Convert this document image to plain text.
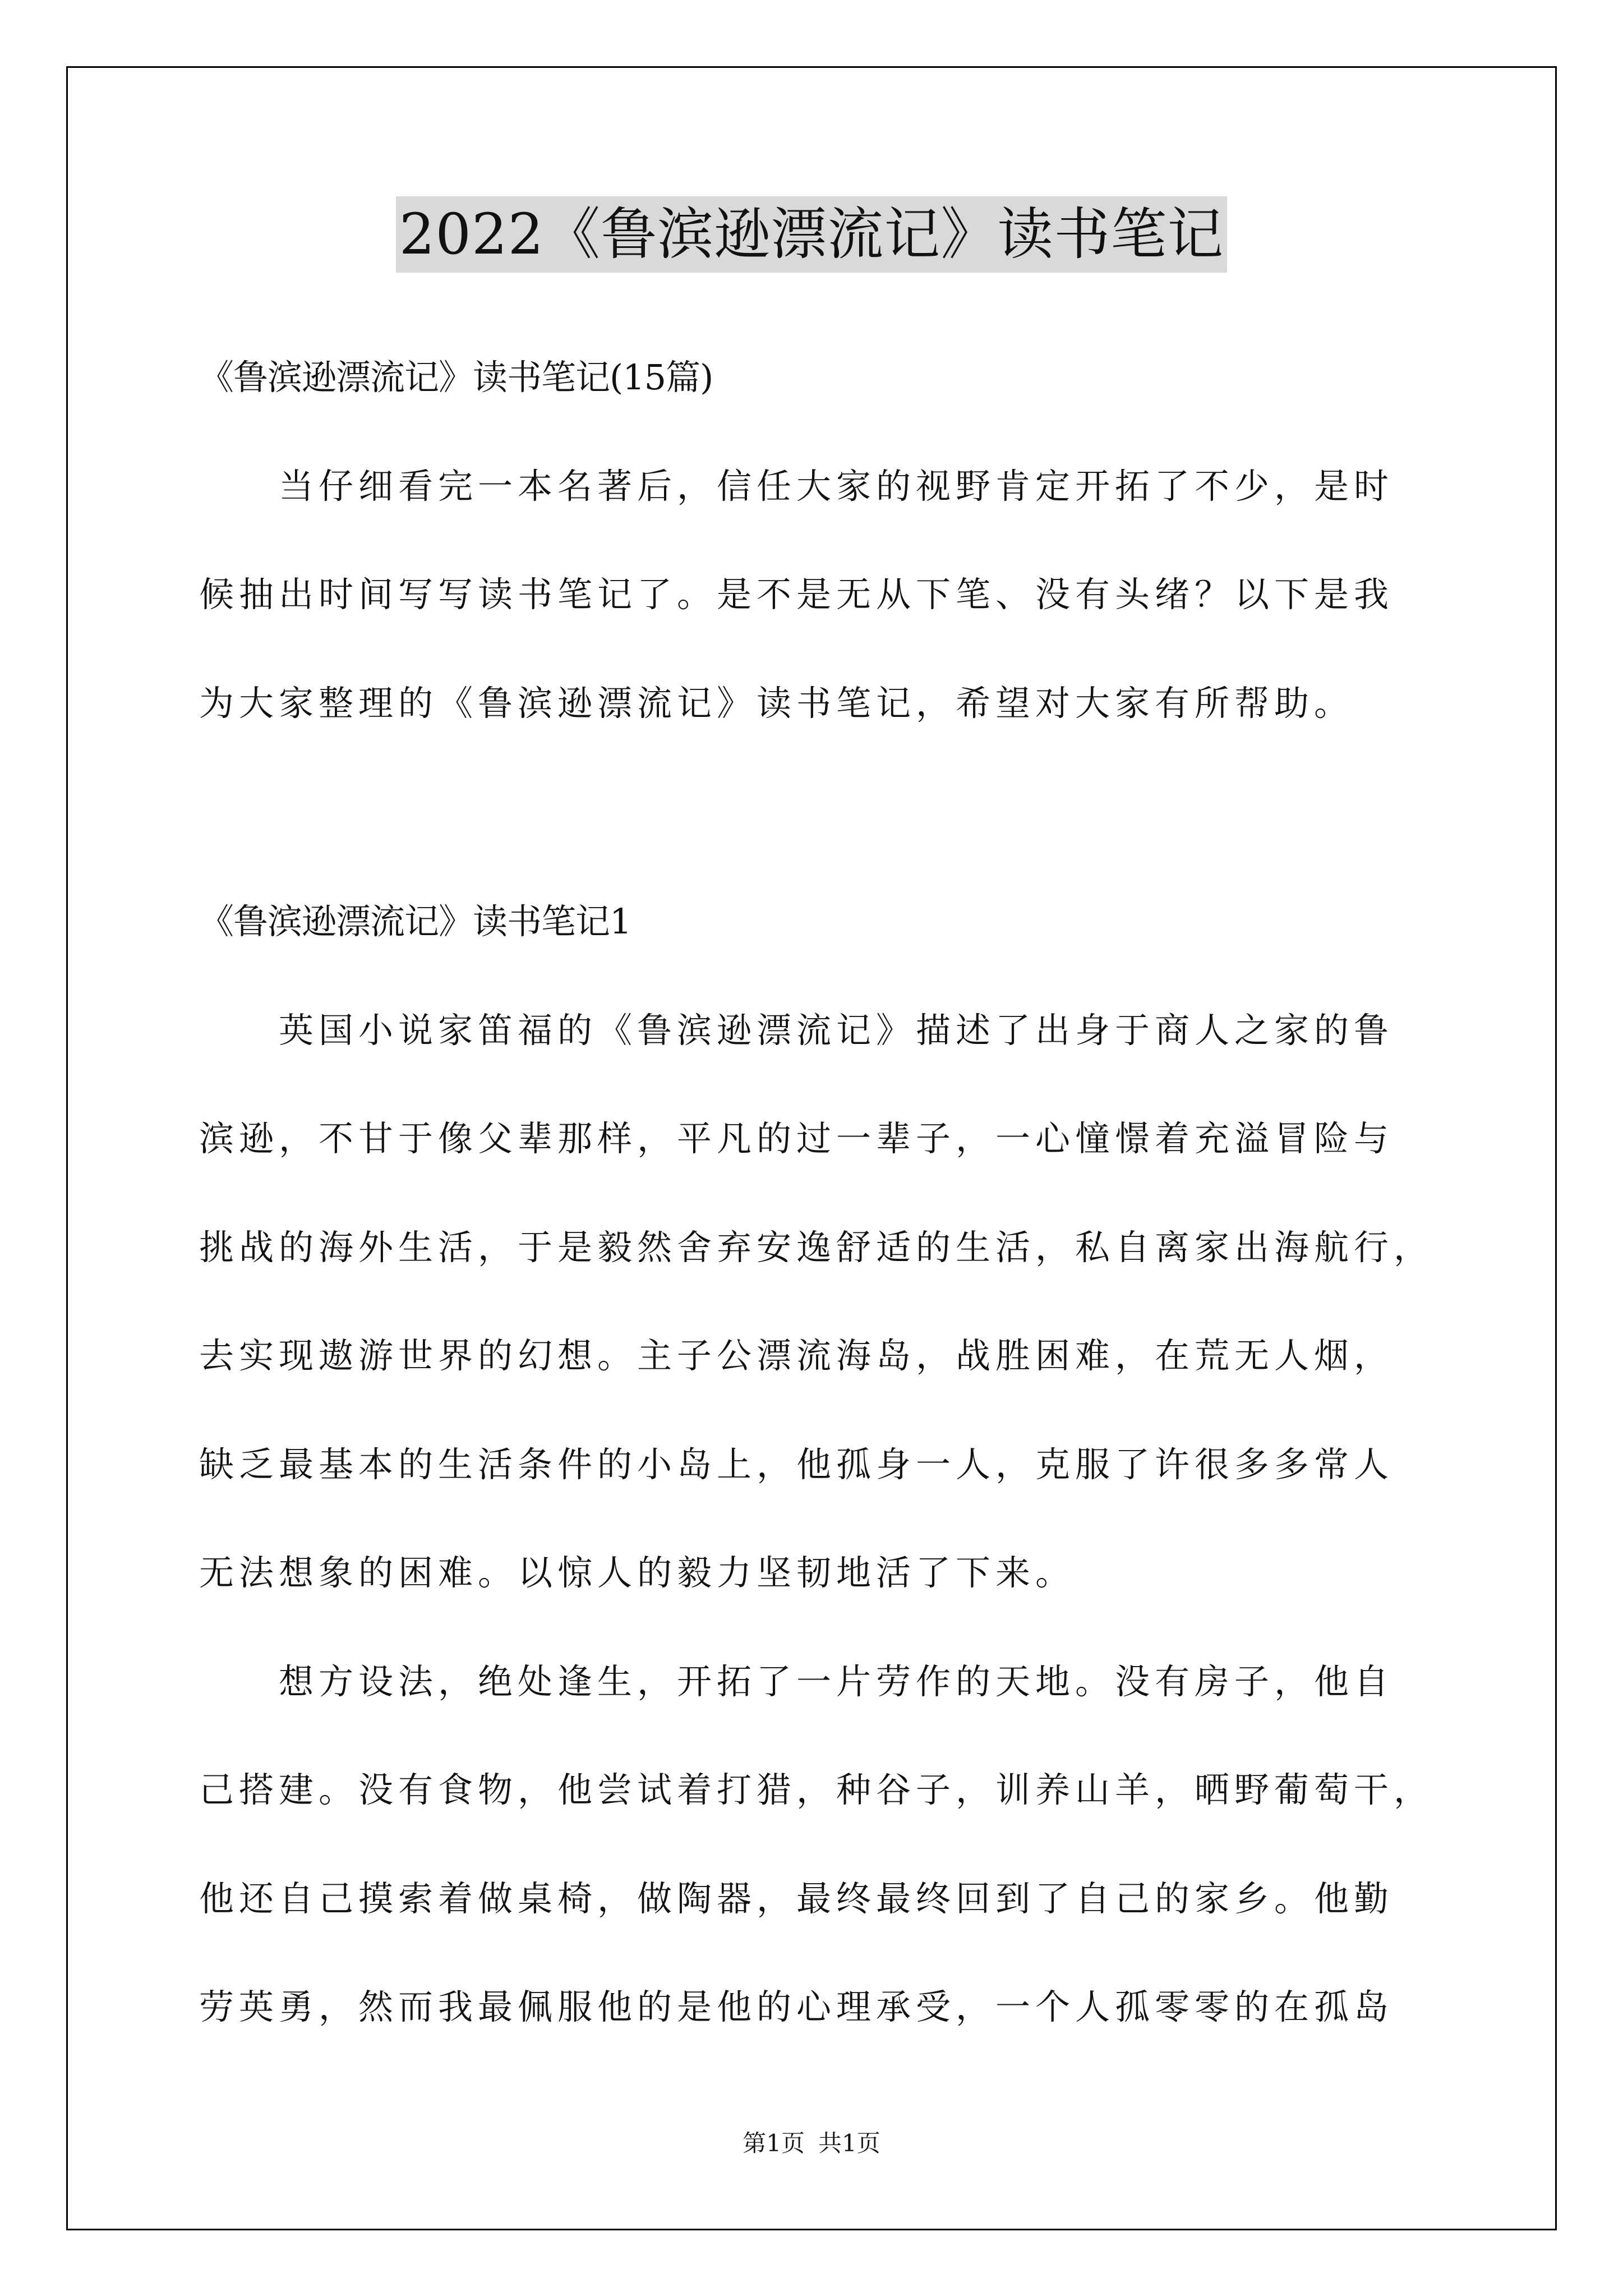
2022《鲁滨逊漂流记》读书笔记
《鲁滨逊漂流记》读书笔记(15篇)
　　当仔细看完一本名著后，信任大家的视野肯定开拓了不少，是时
候抽出时间写写读书笔记了。是不是无从下笔、没有头绪？以下是我
为大家整理的《鲁滨逊漂流记》读书笔记，希望对大家有所帮助。
《鲁滨逊漂流记》读书笔记1
　　英国小说家笛福的《鲁滨逊漂流记》描述了出身于商人之家的鲁
滨逊，不甘于像父辈那样，平凡的过一辈子，一心憧憬着充溢冒险与
挑战的海外生活，于是毅然舍弃安逸舒适的生活，私自离家出海航行，
去实现遨游世界的幻想。主子公漂流海岛，战胜困难，在荒无人烟，
缺乏最基本的生活条件的小岛上，他孤身一人，克服了许很多多常人
无法想象的困难。以惊人的毅力坚韧地活了下来。
　　想方设法，绝处逢生，开拓了一片劳作的天地。没有房子，他自
己搭建。没有食物，他尝试着打猎，种谷子，训养山羊，晒野葡萄干，
他还自己摸索着做桌椅，做陶器，最终最终回到了自己的家乡。他勤
劳英勇，然而我最佩服他的是他的心理承受，一个人孤零零的在孤岛
第1页 共1页
